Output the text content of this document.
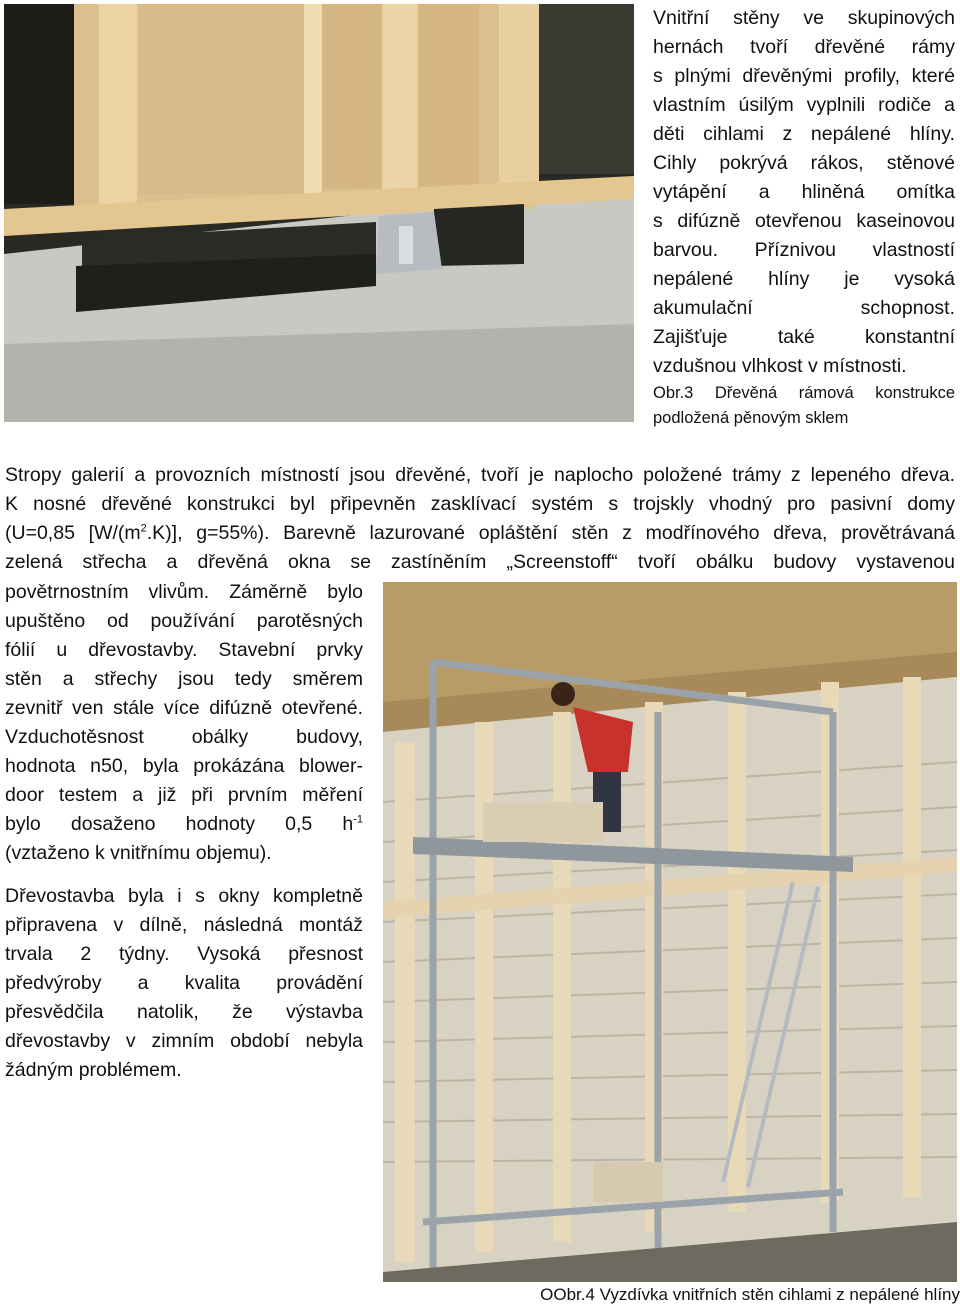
Vnitřní stěny ve skupinových
hernách tvoří dřevěné rámy
s plnými dřevěnými profily, které
vlastním úsilým vyplnili rodiče a
děti cihlami z nepálené hlíny.
Cihly pokrývá rákos, stěnové
vytápění a hliněná omítka
s difúzně otevřenou kaseinovou
barvou. Příznivou vlastností
nepálené hlíny je vysoká
akumulační schopnost.
Zajišťuje také konstantní
vzdušnou vlhkost v místnosti.
Obr.3 Dřevěná rámová konstrukce
podložená pěnovým sklem
Stropy galerií a provozních místností jsou dřevěné, tvoří je naplocho položené trámy z lepeného dřeva.
K nosné dřevěné konstrukci byl připevněn zasklívací systém s trojskly vhodný pro pasivní domy
(U=0,85 $[W/(m^2.K)]$, g=55%). Barevně lazurované opláštění stěn z modřínového dřeva, provětrávaná
zelená střecha a dřevěná okna se zastíněním „Screenstoff“ tvoří obálku budovy vystavenou
povětrnostním vlivům. Záměrně bylo
upuštěno od používání parotěsných
fólií u dřevostavby. Stavební prvky
stěn a střechy jsou tedy směrem
zevnitř ven stále více difúzně otevřené.
Vzduchotěsnost obálky budovy,
hodnota n50, byla prokázána blower-
door testem a již při prvním měření
bylo dosaženo hodnoty 0,5 $h^{-1}$
(vztaženo k vnitřnímu objemu).
Dřevostavba byla i s okny kompletně
připravena v dílně, následná montáž
trvala 2 týdny. Vysoká přesnost
předvýroby a kvalita provádění
přesvědčila natolik, že výstavba
dřevostavby v zimním období nebyla
žádným problémem.
OObr.4 Vyzdívka vnitřních stěn cihlami z nepálené hlíny
